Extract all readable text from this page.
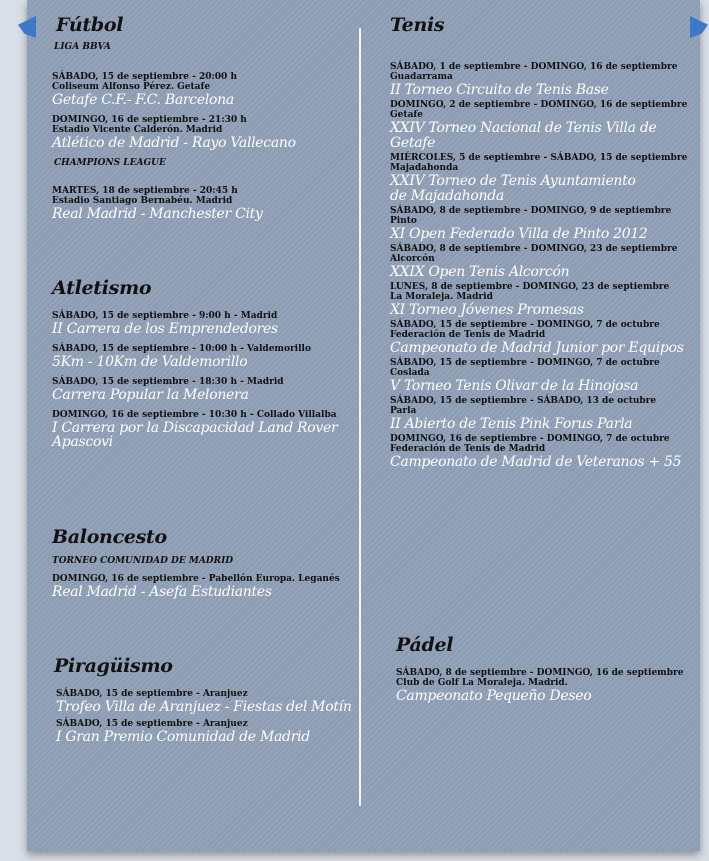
Fútbol
LIGA BBVA
SÁBADO, 15 de septiembre - 20:00 h
Coliseum Alfonso Pérez. Getafe
Getafe C.F.- F.C. Barcelona
DOMINGO, 16 de septiembre - 21:30 h
Estadio Vicente Calderón. Madrid
Atlético de Madrid - Rayo Vallecano
CHAMPIONS LEAGUE
MARTES, 18 de septiembre - 20:45 h
Estadio Santiago Bernabéu. Madrid
Real Madrid - Manchester City
Atletismo
SÁBADO, 15 de septiembre - 9:00 h - Madrid
II Carrera de los Emprendedores
SÁBADO, 15 de septiembre - 10:00 h - Valdemorillo
5Km - 10Km de Valdemorillo
SÁBADO, 15 de septiembre - 18:30 h - Madrid
Carrera Popular la Melonera
DOMINGO, 16 de septiembre - 10:30 h - Collado Villalba
I Carrera por la Discapacidad Land Rover Apascovi
Baloncesto
TORNEO COMUNIDAD DE MADRID
DOMINGO, 16 de septiembre - Pabellón Europa. Leganés
Real Madrid - Asefa Estudiantes
Piragüismo
SÁBADO, 15 de septiembre - Aranjuez
Trofeo Villa de Aranjuez - Fiestas del Motín
SÁBADO, 15 de septiembre - Aranjuez
I Gran Premio Comunidad de Madrid
Tenis
SÁBADO, 1 de septiembre - DOMINGO, 16 de septiembre
Guadarrama
II Torneo Circuito de Tenis Base
DOMINGO, 2 de septiembre - DOMINGO, 16 de septiembre
Getafe
XXIV Torneo Nacional de Tenis Villa de Getafe
MIÉRCOLES, 5 de septiembre - SÁBADO, 15 de septiembre
Majadahonda
XXIV Torneo de Tenis Ayuntamiento de Majadahonda
SÁBADO, 8 de septiembre - DOMINGO, 9 de septiembre
Pinto
XI Open Federado Villa de Pinto 2012
SÁBADO, 8 de septiembre - DOMINGO, 23 de septiembre
Alcorcón
XXIX Open Tenis Alcorcón
LUNES, 8 de septiembre - DOMINGO, 23 de septiembre
La Moraleja. Madrid
XI Torneo Jóvenes Promesas
SÁBADO, 15 de septiembre - DOMINGO, 7 de octubre
Federación de Tenis de Madrid
Campeonato de Madrid Junior por Equipos
SÁBADO, 15 de septiembre - DOMINGO, 7 de octubre
Coslada
V Torneo Tenis Olivar de la Hinojosa
SÁBADO, 15 de septiembre - SÁBADO, 13 de octubre
Parla
II Abierto de Tenis Pink Forus Parla
DOMINGO, 16 de septiembre - DOMINGO, 7 de octubre
Federación de Tenis de Madrid
Campeonato de Madrid de Veteranos + 55
Pádel
SÁBADO, 8 de septiembre - DOMINGO, 16 de septiembre
Club de Golf La Moraleja. Madrid.
Campeonato Pequeño Deseo
